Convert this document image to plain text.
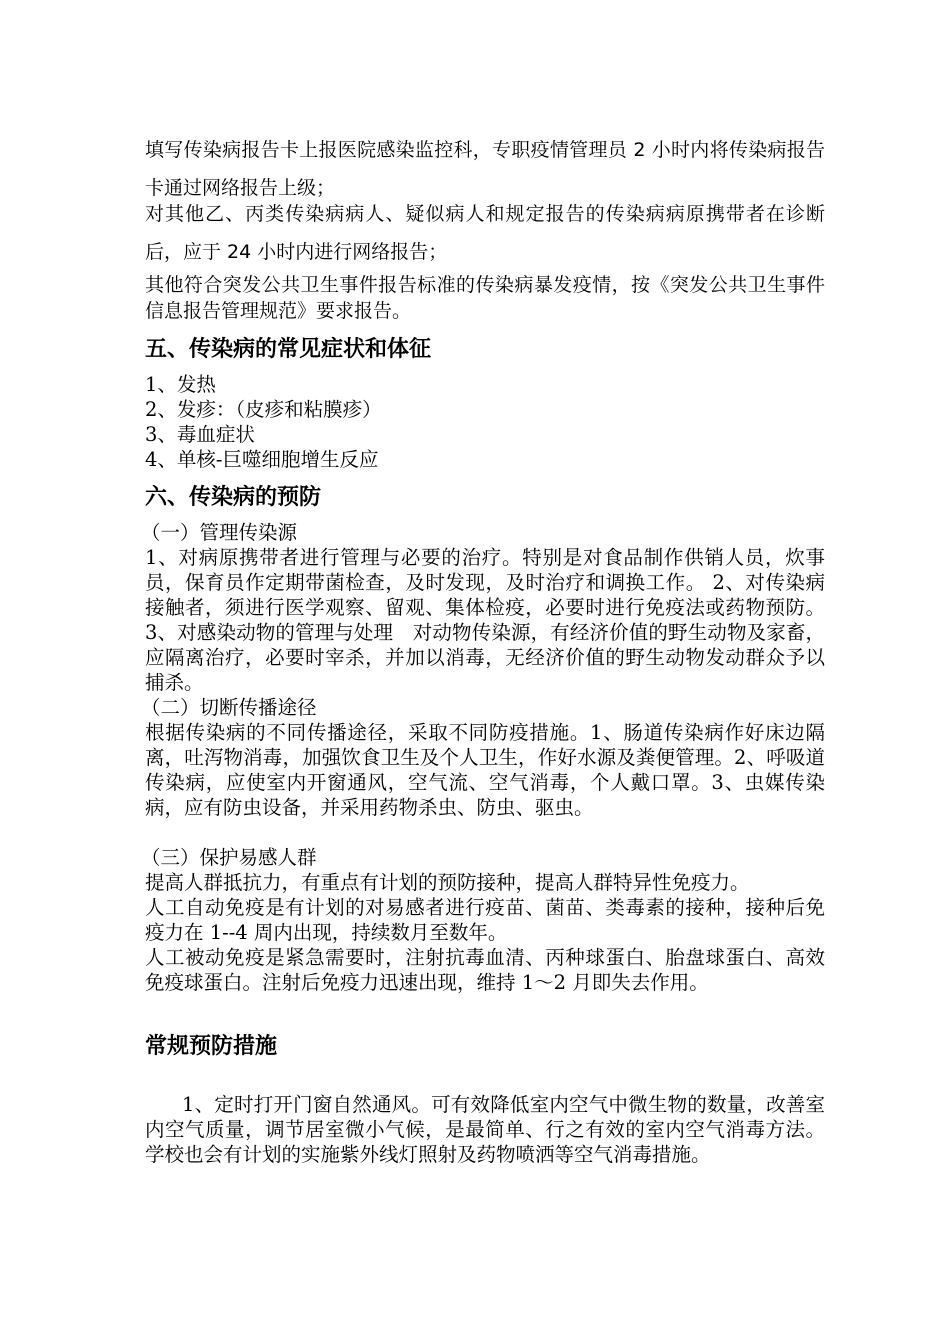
填写传染病报告卡上报医院感染监控科，专职疫情管理员 2 小时内将传染病报告卡通过网络报告上级；

对其他乙、丙类传染病病人、疑似病人和规定报告的传染病病原携带者在诊断后，应于 24 小时内进行网络报告；

其他符合突发公共卫生事件报告标准的传染病暴发疫情，按《突发公共卫生事件信息报告管理规范》要求报告。

五、传染病的常见症状和体征

1、发热

2、发疹：（皮疹和粘膜疹）

3、毒血症状

4、单核-巨噬细胞增生反应

六、传染病的预防

（一）管理传染源

1、对病原携带者进行管理与必要的治疗。特别是对食品制作供销人员，炊事员，保育员作定期带菌检查，及时发现，及时治疗和调换工作。 2、对传染病接触者，须进行医学观察、留观、集体检疫，必要时进行免疫法或药物预防。3、对感染动物的管理与处理　对动物传染源，有经济价值的野生动物及家畜，应隔离治疗，必要时宰杀，并加以消毒，无经济价值的野生动物发动群众予以捕杀。

（二）切断传播途径

根据传染病的不同传播途径，采取不同防疫措施。1、肠道传染病作好床边隔离，吐泻物消毒，加强饮食卫生及个人卫生，作好水源及粪便管理。2、呼吸道传染病，应使室内开窗通风，空气流、空气消毒，个人戴口罩。3、虫媒传染病，应有防虫设备，并采用药物杀虫、防虫、驱虫。

（三）保护易感人群

提高人群抵抗力，有重点有计划的预防接种，提高人群特异性免疫力。

人工自动免疫是有计划的对易感者进行疫苗、菌苗、类毒素的接种，接种后免疫力在 1--4 周内出现，持续数月至数年。

人工被动免疫是紧急需要时，注射抗毒血清、丙种球蛋白、胎盘球蛋白、高效免疫球蛋白。注射后免疫力迅速出现，维持 1～2 月即失去作用。

常规预防措施

1、定时打开门窗自然通风。可有效降低室内空气中微生物的数量，改善室内空气质量，调节居室微小气候，是最简单、行之有效的室内空气消毒方法。学校也会有计划的实施紫外线灯照射及药物喷洒等空气消毒措施。
